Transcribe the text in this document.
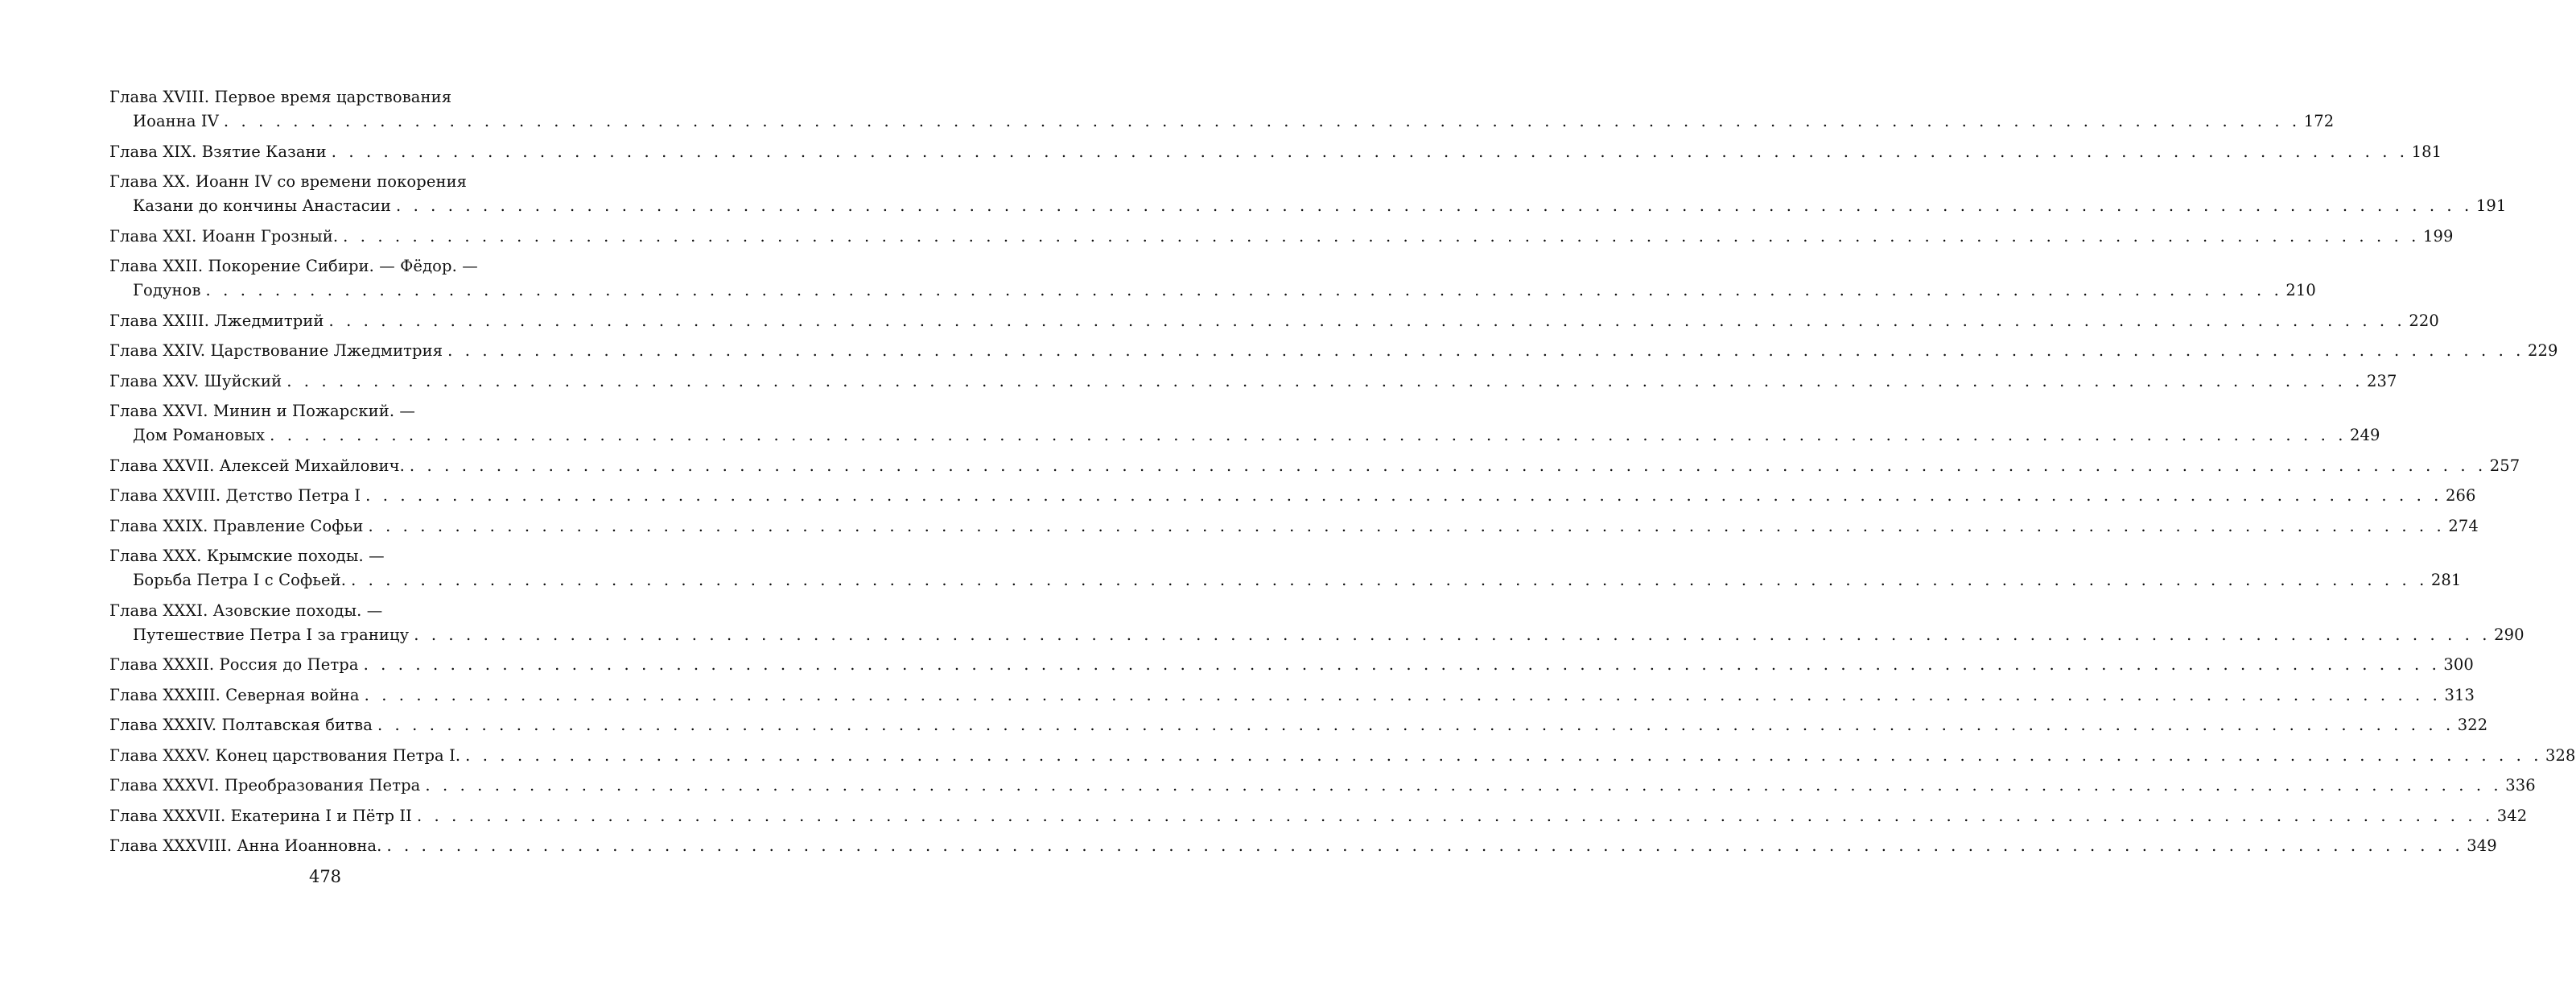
Глава XVIII. Первое время царствования
Иоанна IV . . . . . . . . . . . . . . . . . . . . . . . . . . . . . . . . . . . . . . . . . . . . . . . . . . . . . . . . . . . . . . . . . . . . . . . . . . . . . . . . . . . . . . . . . . . . . . . . . . . . . . . . . . . . . . . . . . . . . . . . 172
Глава XIX. Взятие Казани . . . . . . . . . . . . . . . . . . . . . . . . . . . . . . . . . . . . . . . . . . . . . . . . . . . . . . . . . . . . . . . . . . . . . . . . . . . . . . . . . . . . . . . . . . . . . . . . . . . . . . . . . . . . . . . . . . . . . . . . 181
Глава XX. Иоанн IV со времени покорения
Казани до кончины Анастасии . . . . . . . . . . . . . . . . . . . . . . . . . . . . . . . . . . . . . . . . . . . . . . . . . . . . . . . . . . . . . . . . . . . . . . . . . . . . . . . . . . . . . . . . . . . . . . . . . . . . . . . . . . . . . . . . . . . . . . . . 191
Глава XXI. Иоанн Грозный. . . . . . . . . . . . . . . . . . . . . . . . . . . . . . . . . . . . . . . . . . . . . . . . . . . . . . . . . . . . . . . . . . . . . . . . . . . . . . . . . . . . . . . . . . . . . . . . . . . . . . . . . . . . . . . . . . . . . . . . . 199
Глава XXII. Покорение Сибири. — Фёдор. —
Годунов . . . . . . . . . . . . . . . . . . . . . . . . . . . . . . . . . . . . . . . . . . . . . . . . . . . . . . . . . . . . . . . . . . . . . . . . . . . . . . . . . . . . . . . . . . . . . . . . . . . . . . . . . . . . . . . . . . . . . . . . 210
Глава XXIII. Лжедмитрий . . . . . . . . . . . . . . . . . . . . . . . . . . . . . . . . . . . . . . . . . . . . . . . . . . . . . . . . . . . . . . . . . . . . . . . . . . . . . . . . . . . . . . . . . . . . . . . . . . . . . . . . . . . . . . . . . . . . . . . . 220
Глава XXIV. Царствование Лжедмитрия . . . . . . . . . . . . . . . . . . . . . . . . . . . . . . . . . . . . . . . . . . . . . . . . . . . . . . . . . . . . . . . . . . . . . . . . . . . . . . . . . . . . . . . . . . . . . . . . . . . . . . . . . . . . . . . . . . . . . . . . 229
Глава XXV. Шуйский . . . . . . . . . . . . . . . . . . . . . . . . . . . . . . . . . . . . . . . . . . . . . . . . . . . . . . . . . . . . . . . . . . . . . . . . . . . . . . . . . . . . . . . . . . . . . . . . . . . . . . . . . . . . . . . . . . . . . . . . 237
Глава XXVI. Минин и Пожарский. —
Дом Романовых . . . . . . . . . . . . . . . . . . . . . . . . . . . . . . . . . . . . . . . . . . . . . . . . . . . . . . . . . . . . . . . . . . . . . . . . . . . . . . . . . . . . . . . . . . . . . . . . . . . . . . . . . . . . . . . . . . . . . . . . 249
Глава XXVII. Алексей Михайлович. . . . . . . . . . . . . . . . . . . . . . . . . . . . . . . . . . . . . . . . . . . . . . . . . . . . . . . . . . . . . . . . . . . . . . . . . . . . . . . . . . . . . . . . . . . . . . . . . . . . . . . . . . . . . . . . . . . . . . . . . 257
Глава XXVIII. Детство Петра I . . . . . . . . . . . . . . . . . . . . . . . . . . . . . . . . . . . . . . . . . . . . . . . . . . . . . . . . . . . . . . . . . . . . . . . . . . . . . . . . . . . . . . . . . . . . . . . . . . . . . . . . . . . . . . . . . . . . . . . . 266
Глава XXIX. Правление Софьи . . . . . . . . . . . . . . . . . . . . . . . . . . . . . . . . . . . . . . . . . . . . . . . . . . . . . . . . . . . . . . . . . . . . . . . . . . . . . . . . . . . . . . . . . . . . . . . . . . . . . . . . . . . . . . . . . . . . . . . . 274
Глава XXX. Крымские походы. —
Борьба Петра I с Софьей. . . . . . . . . . . . . . . . . . . . . . . . . . . . . . . . . . . . . . . . . . . . . . . . . . . . . . . . . . . . . . . . . . . . . . . . . . . . . . . . . . . . . . . . . . . . . . . . . . . . . . . . . . . . . . . . . . . . . . . . . 281
Глава XXXI. Азовские походы. —
Путешествие Петра I за границу . . . . . . . . . . . . . . . . . . . . . . . . . . . . . . . . . . . . . . . . . . . . . . . . . . . . . . . . . . . . . . . . . . . . . . . . . . . . . . . . . . . . . . . . . . . . . . . . . . . . . . . . . . . . . . . . . . . . . . . . 290
Глава XXXII. Россия до Петра . . . . . . . . . . . . . . . . . . . . . . . . . . . . . . . . . . . . . . . . . . . . . . . . . . . . . . . . . . . . . . . . . . . . . . . . . . . . . . . . . . . . . . . . . . . . . . . . . . . . . . . . . . . . . . . . . . . . . . . . 300
Глава XXXIII. Северная война . . . . . . . . . . . . . . . . . . . . . . . . . . . . . . . . . . . . . . . . . . . . . . . . . . . . . . . . . . . . . . . . . . . . . . . . . . . . . . . . . . . . . . . . . . . . . . . . . . . . . . . . . . . . . . . . . . . . . . . . 313
Глава XXXIV. Полтавская битва . . . . . . . . . . . . . . . . . . . . . . . . . . . . . . . . . . . . . . . . . . . . . . . . . . . . . . . . . . . . . . . . . . . . . . . . . . . . . . . . . . . . . . . . . . . . . . . . . . . . . . . . . . . . . . . . . . . . . . . . 322
Глава XXXV. Конец царствования Петра I. . . . . . . . . . . . . . . . . . . . . . . . . . . . . . . . . . . . . . . . . . . . . . . . . . . . . . . . . . . . . . . . . . . . . . . . . . . . . . . . . . . . . . . . . . . . . . . . . . . . . . . . . . . . . . . . . . . . . . . . . 328
Глава XXXVI. Преобразования Петра . . . . . . . . . . . . . . . . . . . . . . . . . . . . . . . . . . . . . . . . . . . . . . . . . . . . . . . . . . . . . . . . . . . . . . . . . . . . . . . . . . . . . . . . . . . . . . . . . . . . . . . . . . . . . . . . . . . . . . . . 336
Глава XXXVII. Екатерина I и Пётр II . . . . . . . . . . . . . . . . . . . . . . . . . . . . . . . . . . . . . . . . . . . . . . . . . . . . . . . . . . . . . . . . . . . . . . . . . . . . . . . . . . . . . . . . . . . . . . . . . . . . . . . . . . . . . . . . . . . . . . . . 342
Глава XXXVIII. Анна Иоанновна. . . . . . . . . . . . . . . . . . . . . . . . . . . . . . . . . . . . . . . . . . . . . . . . . . . . . . . . . . . . . . . . . . . . . . . . . . . . . . . . . . . . . . . . . . . . . . . . . . . . . . . . . . . . . . . . . . . . . . . . . 349
478
